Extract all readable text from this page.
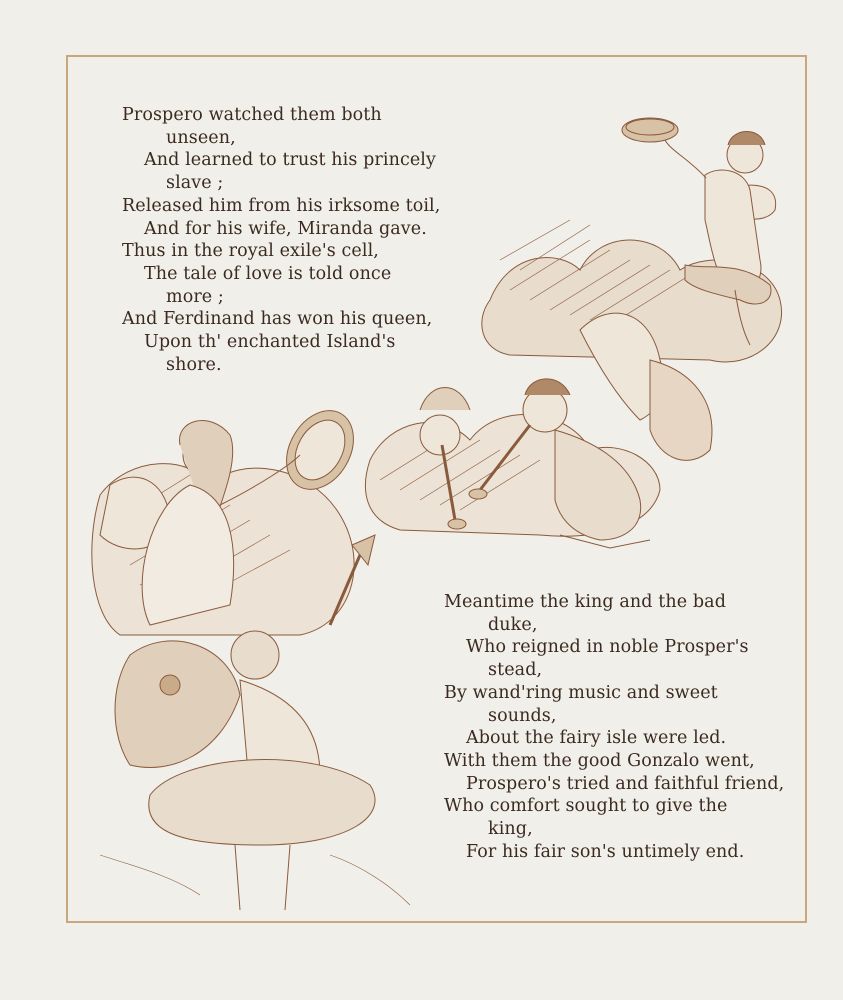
Prospero watched them both
unseen,
And learned to trust his princely
slave ;
Released him from his irksome toil,
And for his wife, Miranda gave.
Thus in the royal exile's cell,
The tale of love is told once
more ;
And Ferdinand has won his queen,
Upon th' enchanted Island's
shore.
Meantime the king and the bad
duke,
Who reigned in noble Prosper's
stead,
By wand'ring music and sweet
sounds,
About the fairy isle were led.
With them the good Gonzalo went,
Prospero's tried and faithful friend,
Who comfort sought to give the
king,
For his fair son's untimely end.
